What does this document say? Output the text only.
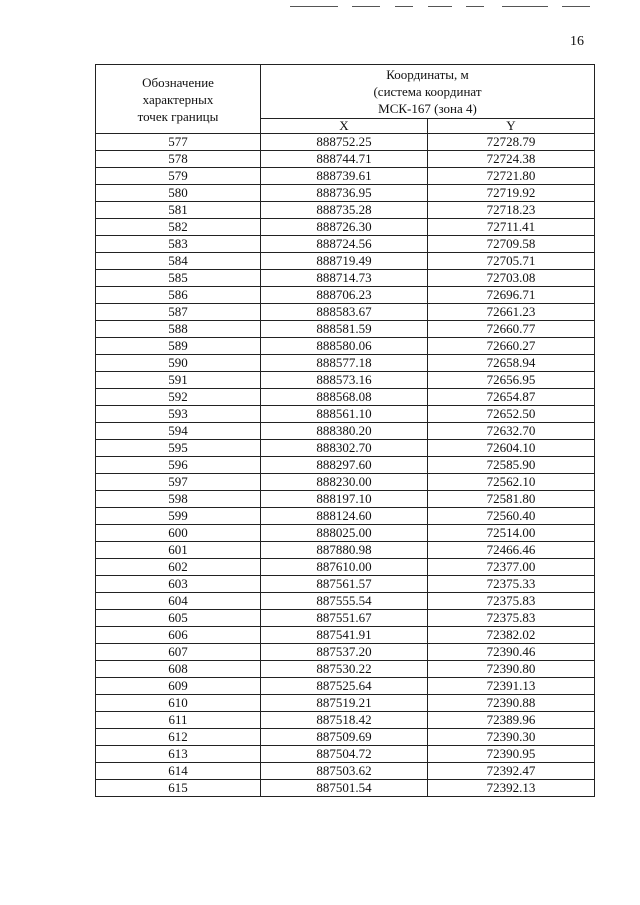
16
Обозначение
характерных
точек границы	Координаты, м
(система координат
МСК-167 (зона 4)	
	X	Y
577	888752.25	72728.79
578	888744.71	72724.38
579	888739.61	72721.80
580	888736.95	72719.92
581	888735.28	72718.23
582	888726.30	72711.41
583	888724.56	72709.58
584	888719.49	72705.71
585	888714.73	72703.08
586	888706.23	72696.71
587	888583.67	72661.23
588	888581.59	72660.77
589	888580.06	72660.27
590	888577.18	72658.94
591	888573.16	72656.95
592	888568.08	72654.87
593	888561.10	72652.50
594	888380.20	72632.70
595	888302.70	72604.10
596	888297.60	72585.90
597	888230.00	72562.10
598	888197.10	72581.80
599	888124.60	72560.40
600	888025.00	72514.00
601	887880.98	72466.46
602	887610.00	72377.00
603	887561.57	72375.33
604	887555.54	72375.83
605	887551.67	72375.83
606	887541.91	72382.02
607	887537.20	72390.46
608	887530.22	72390.80
609	887525.64	72391.13
610	887519.21	72390.88
611	887518.42	72389.96
612	887509.69	72390.30
613	887504.72	72390.95
614	887503.62	72392.47
615	887501.54	72392.13
